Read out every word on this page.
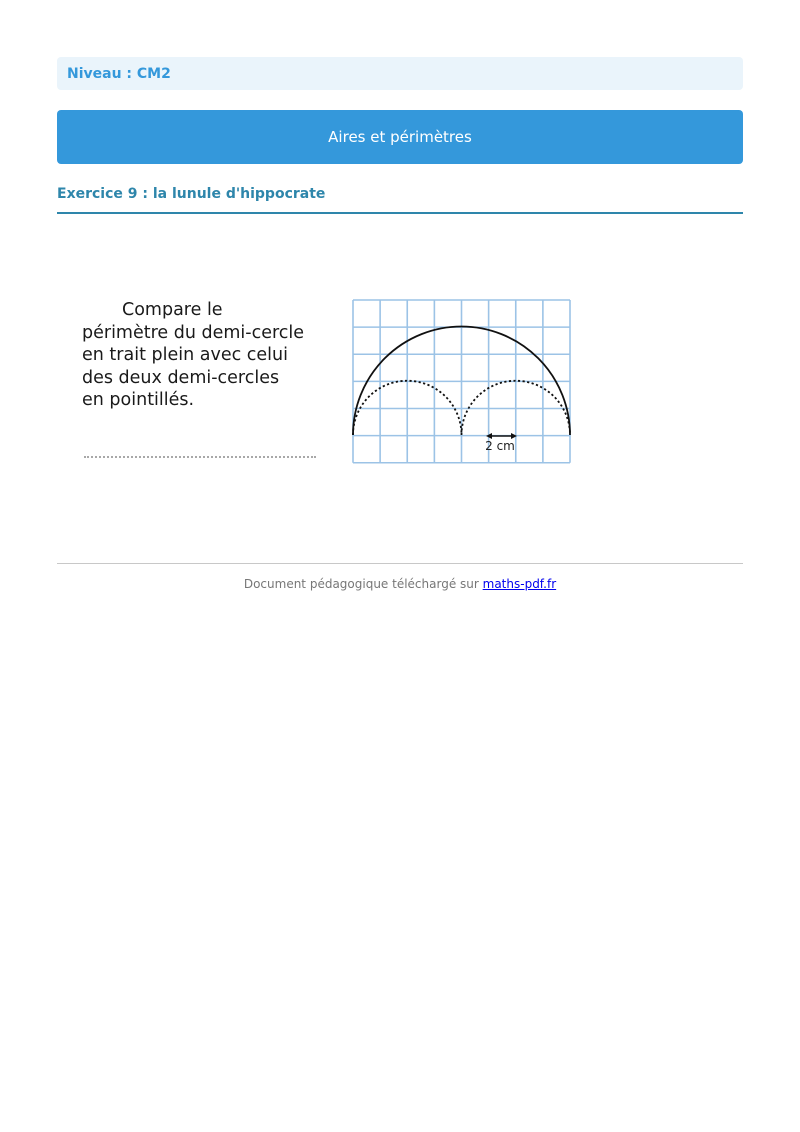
Niveau : CM2
Aires et périmètres
Exercice 9 : la lunule d'hippocrate
Compare le
périmètre du demi-cercle
en trait plein avec celui
des deux demi-cercles
en pointillés.
2 cm
Document pédagogique téléchargé sur maths-pdf.fr
